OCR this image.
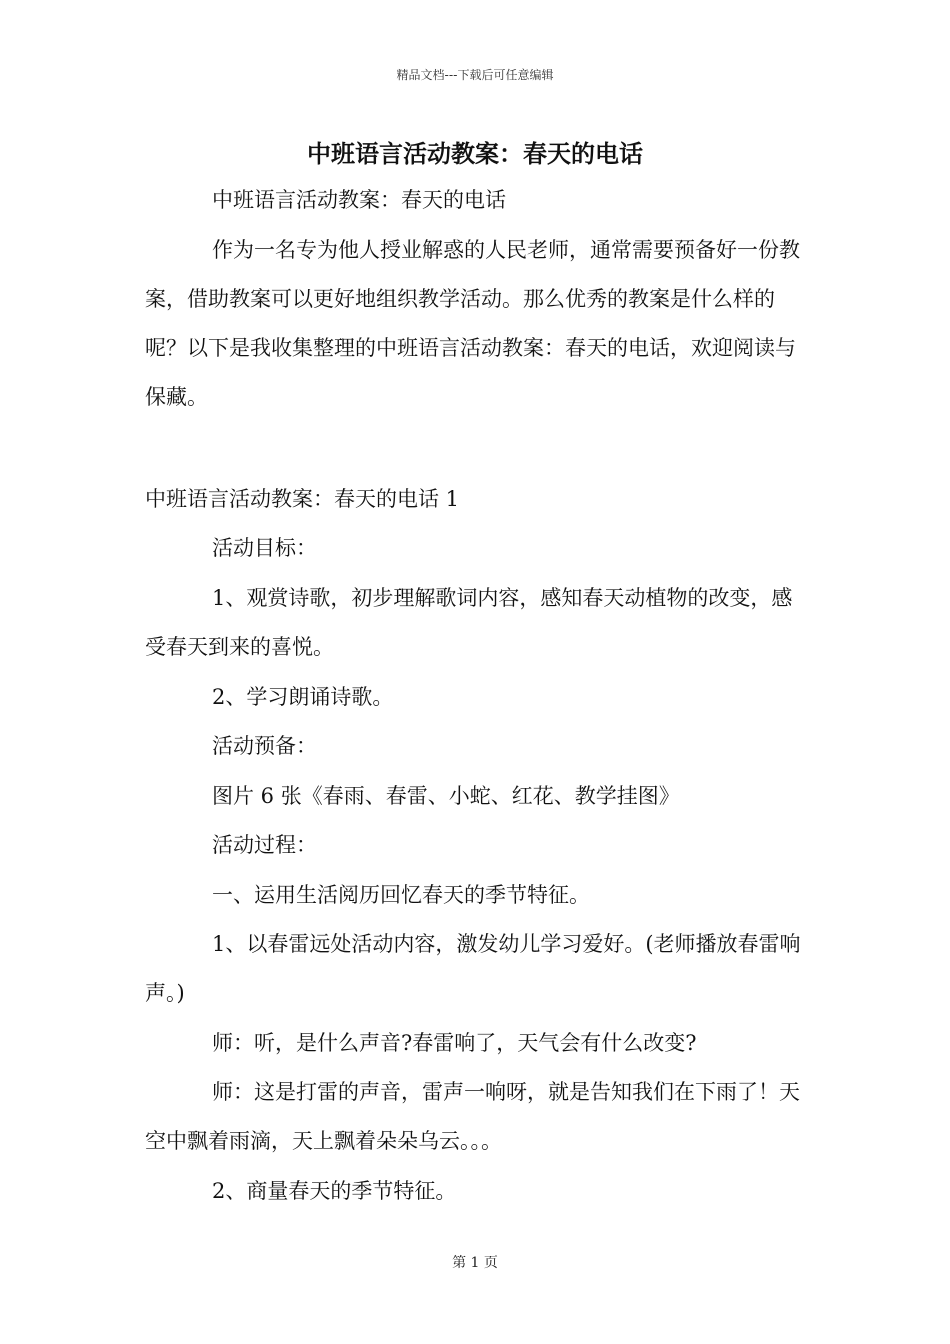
精品文档---下载后可任意编辑
中班语言活动教案：春天的电话

中班语言活动教案：春天的电话

作为一名专为他人授业解惑的人民老师，通常需要预备好一份教案，借助教案可以更好地组织教学活动。那么优秀的教案是什么样的呢？以下是我收集整理的中班语言活动教案：春天的电话，欢迎阅读与保藏。

中班语言活动教案：春天的电话 1

活动目标：

1、观赏诗歌，初步理解歌词内容，感知春天动植物的改变，感受春天到来的喜悦。

2、学习朗诵诗歌。

活动预备：

图片 6 张《春雨、春雷、小蛇、红花、教学挂图》

活动过程：

一、运用生活阅历回忆春天的季节特征。

1、以春雷远处活动内容，激发幼儿学习爱好。(老师播放春雷响声。)

师：听，是什么声音?春雷响了，天气会有什么改变?

师：这是打雷的声音，雷声一响呀，就是告知我们在下雨了！天空中飘着雨滴，天上飘着朵朵乌云。。。

2、商量春天的季节特征。

第 1 页
